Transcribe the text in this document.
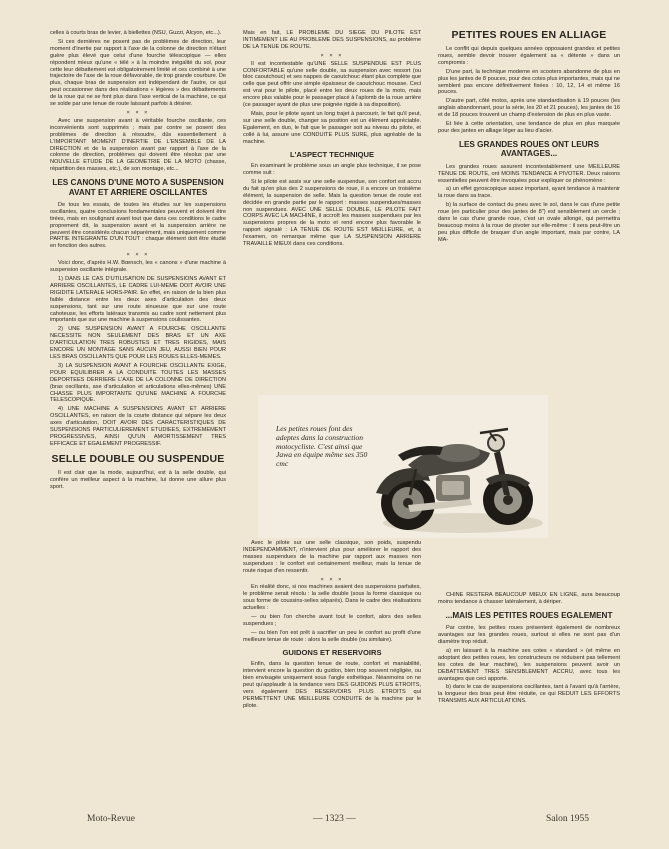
celles à courts bras de levier, à biellettes (NSU, Guzzi, Alcyon, etc...).

Si ces dernières ne posent pas de problèmes de direction, leur moment d'inertie par rapport à l'axe de la colonne de direction n'étant guère plus élevé que celui d'une fourche télescopique — elles répondent mieux qu'une « télé » à la moindre inégalité du sol, pour cette leur débattement est obligatoirement limité et ces combiné à une trajectoire de l'axe de la roue défavorable, de trop grande courbure. De plus, chaque bras de suspension est indépendant de l'autre, ce qui peut occasionner dans des réalisations « légères » des débattements de la roue qui ne se font plus dans l'axe vertical de la machine, ce qui se solde par une tenue de route laissant parfois à désirer.

× × ×

Avec une suspension avant à véritable fourche oscillante, ces inconvénients sont supprimés ; mais par contre se posent des problèmes de direction à résoudre, dûs essentiellement à L'IMPORTANT MOMENT D'INERTIE DE L'ENSEMBLE DE LA DIRECTION et de la suspension avant par rapport à l'axe de la colonne de direction, problèmes qui doivent être résolus par une NOUVELLE ETUDE DE LA GEOMETRIE DE LA MOTO (chasse, répartition des masses, etc.), de son montage, etc...

LES CANONS D'UNE MOTO A SUSPENSION AVANT ET ARRIERE OSCILLANTES

De tous les essais, de toutes les études sur les suspensions oscillantes, quatre conclusions fondamentales peuvent et doivent être tirées, mais en soulignant avant tout que dans ces conditions le cadre proprement dit, la suspension avant et la suspension arrière ne peuvent être considérés chacun séparément, mais uniquement comme PARTIE INTEGRANTE D'UN TOUT : chaque élément doit être étudié en fonction des autres.

× × ×

Voici donc, d'après H.W. Bœnsch, les « canons » d'une machine à suspension oscillante intégrale.

1) DANS LE CAS D'UTILISATION DE SUSPENSIONS AVANT ET ARRIERE OSCILLANTES, LE CADRE LUI-MEME DOIT AVOIR UNE RIGIDITE LATERALE HORS-PAIR. En effet, en raison de la bien plus faible distance entre les deux axes d'articulation des deux suspensions, tant sur une route sinueuse que sur une route cahoteuse, les efforts latéraux transmis au cadre sont nettement plus importants que sur une machine à suspensions coulissantes.

2) UNE SUSPENSION AVANT A FOURCHE OSCILLANTE NECESSITE NON SEULEMENT DES BRAS ET UN AXE D'ARTICULATION TRES ROBUSTES ET TRES RIGIDES, MAIS ENCORE UN MONTAGE SANS AUCUN JEU, AUSSI BIEN POUR LES BRAS OSCILLANTS QUE POUR LES ROUES ELLES-MEMES.

3) LA SUSPENSION AVANT A FOURCHE OSCILLANTE EXIGE, POUR EQUILIBRER A LA CONDUITE TOUTES LES MASSES DEPORTEES DERRIERE L'AXE DE LA COLONNE DE DIRECTION (bras oscillants, axe d'articulation et articulations elles-mêmes) UNE CHASSE PLUS IMPORTANTE QU'UNE MACHINE A FOURCHE TELESCOPIQUE.

4) UNE MACHINE A SUSPENSIONS AVANT ET ARRIERE OSCILLANTES, en raison de la courte distance qui sépare les deux axes d'articulation, DOIT AVOIR DES CARACTERISTIQUES DE SUSPENSIONS PARTICULIEREMENT ETUDIEES, EXTREMEMENT PROGRESSIVES, AINSI QU'UN AMORTISSEMENT TRES EFFICACE ET EGALEMENT PROGRESSIF.

SELLE DOUBLE OU SUSPENDUE

Il est clair que la mode, aujourd'hui, est à la selle double, qui confère un meilleur aspect à la machine, lui donne une allure plus sport.

Mais en fait, LE PROBLEME DU SIEGE DU PILOTE EST INTIMEMENT LIE AU PROBLEME DES SUSPENSIONS, au problème DE LA TENUE DE ROUTE.

× × ×

Il est incontestable qu'UNE SELLE SUSPENDUE EST PLUS CONFORTABLE qu'une selle double, sa suspension avec ressort (ou bloc caoutchouc) et ses nappes de caoutchouc étant plus complète que celle que peut offrir une simple épaisseur de caoutchouc mousse. Ceci est vrai pour le pilote, placé entre les deux roues de la moto, mais encore plus valable pour le passager placé à l'aplomb de la roue arrière (ce passager ayant de plus une poignée rigide à sa disposition).

Mais, pour le pilote ayant un long trajet à parcourir, le fait qu'il peut, sur une selle double, changer sa position est un élément appréciable. Egalement, en duo, le fait que le passager soit au niveau du pilote, et collé à lui, assure une CONDUITE PLUS SURE, plus agréable de la machine.

L'ASPECT TECHNIQUE

En examinant le problème sous un angle plus technique, il se pose comme suit :

Si le pilote est assis sur une selle suspendue, son confort est accru du fait qu'en plus des 2 suspensions de roue, il a encore un troisième élément, la suspension de selle. Mais la question tenue de route est décidée en grande partie par le rapport : masses suspendues/masses non suspendues. AVEC UNE SELLE DOUBLE, LE PILOTE FAIT CORPS AVEC LA MACHINE, il accroît les masses suspendues par les suspensions propres de la moto et rend encore plus favorable le rapport signalé : LA TENUE DE ROUTE EST MEILLEURE, et, à l'examen, on remarque même que LA SUSPENSION ARRIERE TRAVAILLE MIEUX dans ces conditions.

Les petites roues font des adeptes dans la construction motocycliste. C'est ainsi que Jawa en équipe même ses 350 cmc

Avec le pilote sur une selle classique, son poids, suspendu INDEPENDAMMENT, n'intervient plus pour améliorer le rapport des masses suspendues de la machine par rapport aux masses non suspendues : le confort est certainement meilleur, mais la tenue de route risque d'en ressentir.

× × ×

En réalité donc, si nos machines avaient des suspensions parfaites, le problème serait résolu : la selle double (sous la forme classique ou sous forme de coussins-selles séparés). Dans le cadre des réalisations actuelles :

— ou bien l'on cherche avant tout le confort, alors des selles suspendues ;

— ou bien l'on est prêt à sacrifier un peu le confort au profit d'une meilleure tenue de route : alors la selle double (ou similaire).

GUIDONS ET RESERVOIRS

Enfin, dans la question tenue de route, confort et maniabilité, intervient encore la question du guidon, bien trop souvent négligée, ou bien envisagée uniquement sous l'angle esthétique. Néanmoins on ne peut qu'applaudir à la tendance vers DES GUIDONS PLUS ETROITS, vers également DES RESERVOIRS PLUS ETROITS qui PERMETTENT UNE MEILLEURE CONDUITE de la machine par le pilote.

PETITES ROUES EN ALLIAGE

Le conflit qui depuis quelques années opposaient grandes et petites roues, semble devoir trouver également sa « détente » dans un compromis :

D'une part, la technique moderne en scooters abandonne de plus en plus les jantes de 8 pouces, pour des cotes plus importantes, mais qui ne semblent pas encore définitivement fixées : 10, 12, 14 et même 16 pouces.

D'autre part, côté motos, après une standardisation à 19 pouces (les anglais abandonnant, pour la série, les 20 et 21 pouces), les jantes de 16 et de 18 pouces trouvent un champ d'extension de plus en plus vaste.

Et liée à cette orientation, une tendance de plus en plus marquée pour des jantes en alliage léger au lieu d'acier.

LES GRANDES ROUES ONT LEURS AVANTAGES...

Les grandes roues assurent incontestablement une MEILLEURE TENUE DE ROUTE, ont MOINS TENDANCE A PIVOTER. Deux raisons essentielles peuvent être invoquées pour expliquer ce phénomène :

a) un effet gyroscopique assez important, ayant tendance à maintenir la roue dans sa trace.

b) la surface de contact du pneu avec le sol, dans le cas d'une petite roue (en particulier pour des jantes de 8") est sensiblement un cercle ; dans le cas d'une grande roue, c'est un ovale allongé, qui permettra beaucoup moins à la roue de pivoter sur elle-même : il sera peut-être un peu plus difficile de braquer d'un angle important, mais par contre, LA MA-

CHINE RESTERA BEAUCOUP MIEUX EN LIGNE, aura beaucoup moins tendance à chasser latéralement, à dériper.

...MAIS LES PETITES ROUES EGALEMENT

Par contre, les petites roues présentent également de nombreux avantages sur les grandes roues, surtout si elles ne sont pas d'un diamètre trop réduit.

a) en laissant à la machine ses cotes « standard » (et même en adoptant des petites roues, les constructeurs ne réduisent pas tellement les cotes de leur machine), les suspensions peuvent avoir un DEBATTEMENT TRES SENSIBLEMENT ACCRU, avec tous les avantages que ceci apporte.

b) dans le cas de suspensions oscillantes, tant à l'avant qu'à l'arrière, la longueur des bras peut être réduite, ce qui REDUIT LES EFFORTS TRANSMIS AUX ARTICULATIONS.

Moto-Revue	— 1323 —	Salon 1955
